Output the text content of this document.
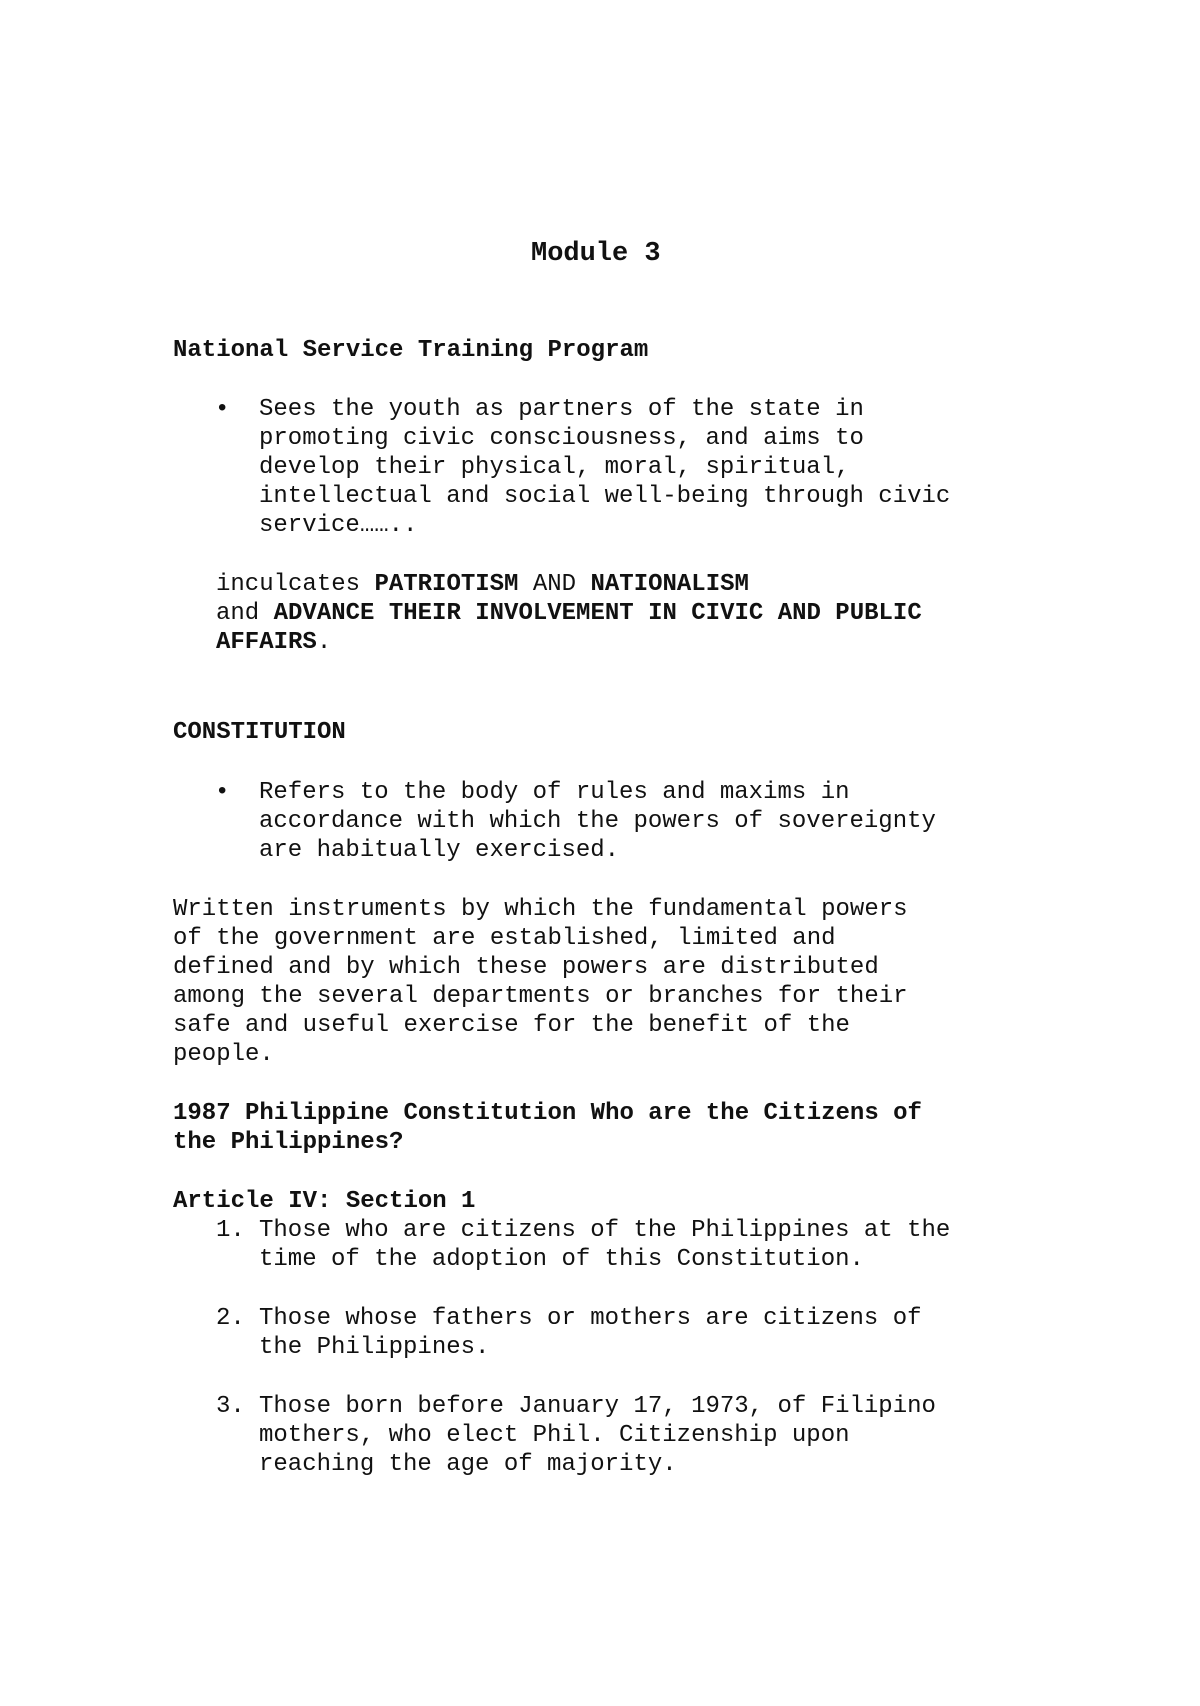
Module 3
National Service Training Program
• Sees the youth as partners of the state in

promoting civic consciousness, and aims to

develop their physical, moral, spiritual,

intellectual and social well-being through civic

service……..

inculcates PATRIOTISM AND NATIONALISM

and ADVANCE THEIR INVOLVEMENT IN CIVIC AND PUBLIC

AFFAIRS.

CONSTITUTION
• Refers to the body of rules and maxims in

accordance with which the powers of sovereignty

are habitually exercised.

Written instruments by which the fundamental powers

of the government are established, limited and

defined and by which these powers are distributed

among the several departments or branches for their

safe and useful exercise for the benefit of the

people.

1987 Philippine Constitution Who are the Citizens of
the Philippines?
Article IV: Section 1
1. Those who are citizens of the Philippines at the

time of the adoption of this Constitution.

2. Those whose fathers or mothers are citizens of

the Philippines.

3. Those born before January 17, 1973, of Filipino

mothers, who elect Phil. Citizenship upon

reaching the age of majority.
